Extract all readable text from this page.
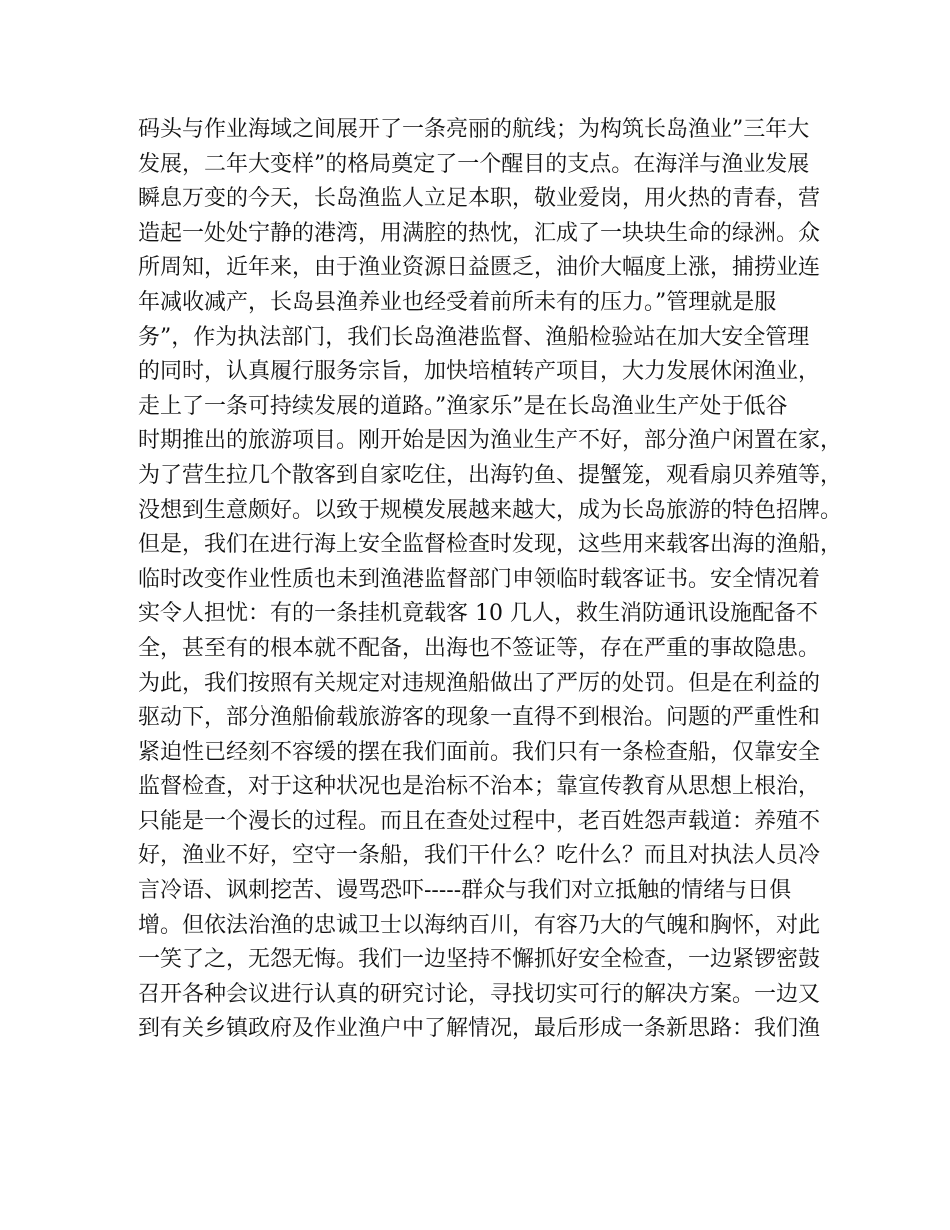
码头与作业海域之间展开了一条亮丽的航线；为构筑长岛渔业”三年大
发展，二年大变样”的格局奠定了一个醒目的支点。在海洋与渔业发展
瞬息万变的今天，长岛渔监人立足本职，敬业爱岗，用火热的青春，营
造起一处处宁静的港湾，用满腔的热忱，汇成了一块块生命的绿洲。众
所周知，近年来，由于渔业资源日益匮乏，油价大幅度上涨，捕捞业连
年减收减产，长岛县渔养业也经受着前所未有的压力。”管理就是服
务”，作为执法部门，我们长岛渔港监督、渔船检验站在加大安全管理
的同时，认真履行服务宗旨，加快培植转产项目，大力发展休闲渔业，
走上了一条可持续发展的道路。”渔家乐”是在长岛渔业生产处于低谷
时期推出的旅游项目。刚开始是因为渔业生产不好，部分渔户闲置在家，
为了营生拉几个散客到自家吃住，出海钓鱼、提蟹笼，观看扇贝养殖等，
没想到生意颇好。以致于规模发展越来越大，成为长岛旅游的特色招牌。
但是，我们在进行海上安全监督检查时发现，这些用来载客出海的渔船，
临时改变作业性质也未到渔港监督部门申领临时载客证书。安全情况着
实令人担忧：有的一条挂机竟载客 10 几人，救生消防通讯设施配备不
全，甚至有的根本就不配备，出海也不签证等，存在严重的事故隐患。
为此，我们按照有关规定对违规渔船做出了严厉的处罚。但是在利益的
驱动下，部分渔船偷载旅游客的现象一直得不到根治。问题的严重性和
紧迫性已经刻不容缓的摆在我们面前。我们只有一条检查船，仅靠安全
监督检查，对于这种状况也是治标不治本；靠宣传教育从思想上根治，
只能是一个漫长的过程。而且在查处过程中，老百姓怨声载道：养殖不
好，渔业不好，空守一条船，我们干什么？吃什么？而且对执法人员冷
言冷语、讽刺挖苦、谩骂恐吓-----群众与我们对立抵触的情绪与日俱
增。但依法治渔的忠诚卫士以海纳百川，有容乃大的气魄和胸怀，对此
一笑了之，无怨无悔。我们一边坚持不懈抓好安全检查，一边紧锣密鼓
召开各种会议进行认真的研究讨论，寻找切实可行的解决方案。一边又
到有关乡镇政府及作业渔户中了解情况，最后形成一条新思路：我们渔
